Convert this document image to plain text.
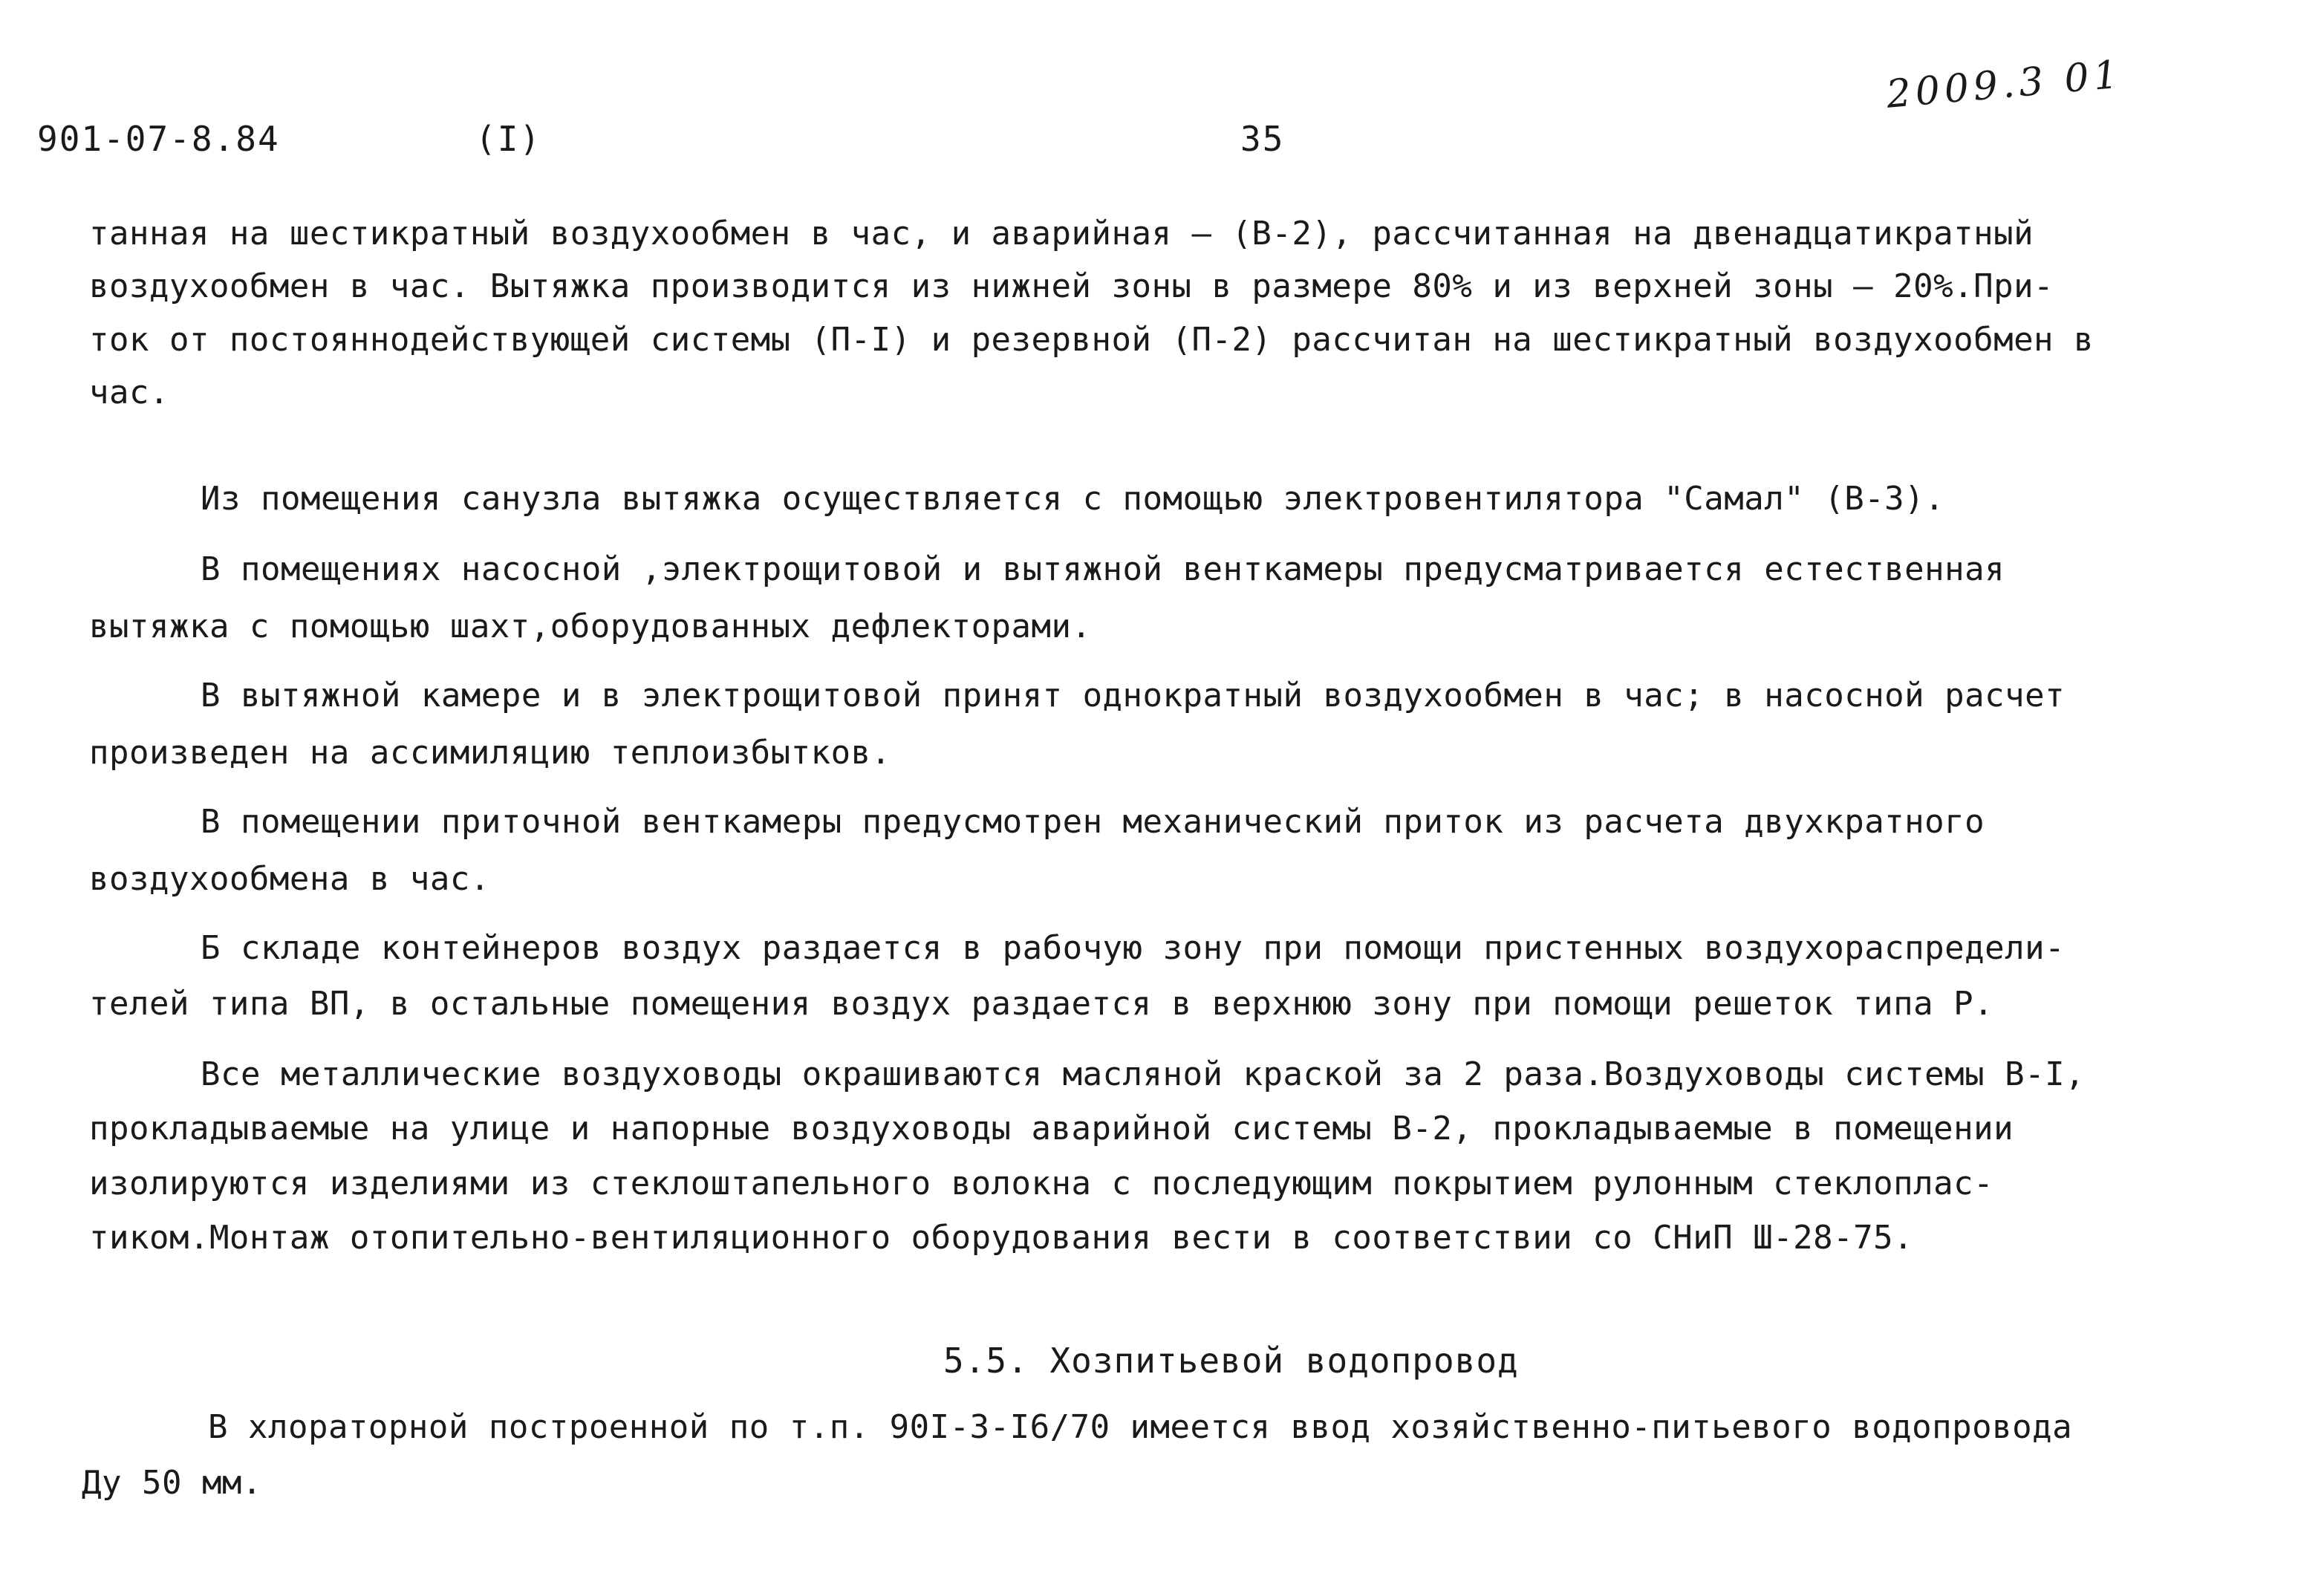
901-07-8.84	(I)	35
2009.3 01
танная на шестикратный воздухообмен в час, и аварийная – (В-2), рассчитанная на двенадцатикратный
воздухообмен в час. Вытяжка производится из нижней зоны в размере 80% и из верхней зоны – 20%.При-
ток от постояннодействующей системы (П-I) и резервной (П-2) рассчитан на шестикратный воздухообмен в
час.
Из помещения санузла вытяжка осуществляется с помощью электровентилятора "Самал" (В-3).
В помещениях насосной ,электрощитовой и вытяжной венткамеры предусматривается естественная
вытяжка с помощью шахт,оборудованных дефлекторами.
В вытяжной камере и в электрощитовой принят однократный воздухообмен в час; в насосной расчет
произведен на ассимиляцию теплоизбытков.
В помещении приточной венткамеры предусмотрен механический приток из расчета двухкратного
воздухообмена в час.
Б складе контейнеров воздух раздается в рабочую зону при помощи пристенных воздухораспредели-
телей типа ВП, в остальные помещения воздух раздается в верхнюю зону при помощи решеток типа Р.
Все металлические воздуховоды окрашиваются масляной краской за 2 раза.Воздуховоды системы В-I,
прокладываемые на улице и напорные воздуховоды аварийной системы В-2, прокладываемые в помещении
изолируются изделиями из стеклоштапельного волокна с последующим покрытием рулонным стеклоплас-
тиком.Монтаж отопительно-вентиляционного оборудования вести в соответствии со СНиП Ш-28-75.
5.5. Хозпитьевой водопровод
В хлораторной построенной по т.п. 90I-3-I6/70 имеется ввод хозяйственно-питьевого водопровода
Ду 50 мм.
